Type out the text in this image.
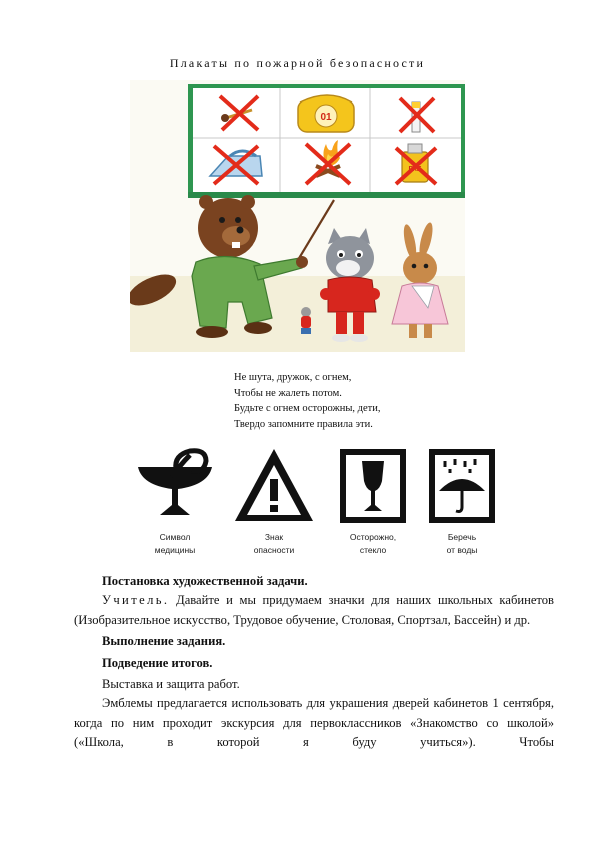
Плакаты по пожарной безопасности
01
Не шута, дружок, с огнем,
Чтобы не жалеть потом.
Будьте с огнем осторожны, дети,
Твердо запомните правила эти.
Символ
медицины
Знак
опасности
Осторожно,
стекло
Беречь
от воды

Постановка художественной задачи.

Учитель. Давайте и мы придумаем значки для наших школьных кабинетов (Изобразительное искусство, Трудовое обучение, Столовая, Спортзал, Бассейн) и др.

Выполнение задания.

Подведение итогов.

Выставка и защита работ.

Эмблемы предлагается использовать для украшения дверей кабинетов 1 сентября, когда по ним проходит экскурсия для первоклассников «Знакомство со школой» («Школа, в которой я буду учиться»). Чтобы
